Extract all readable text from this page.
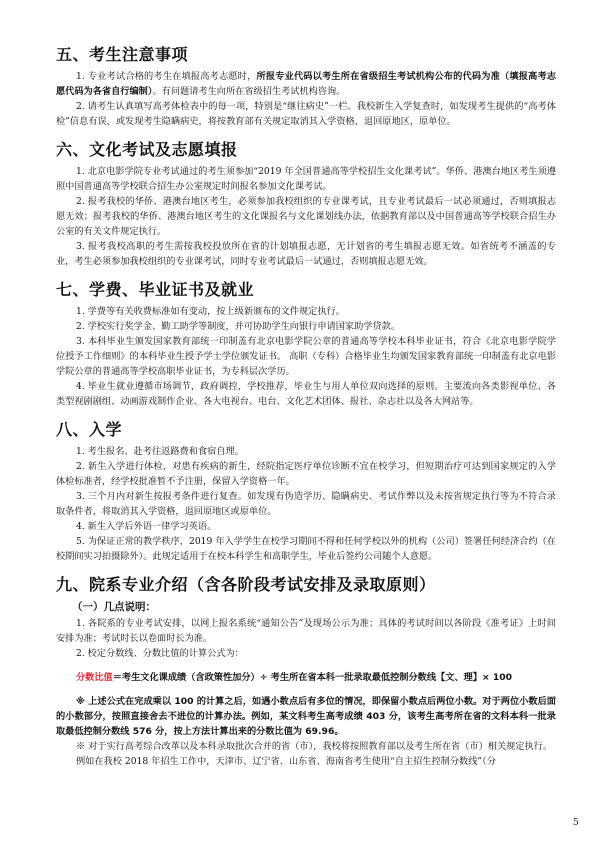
五、考生注意事项

1. 专业考试合格的考生在填报高考志愿时，所报专业代码以考生所在省级招生考试机构公布的代码为准（填报高考志愿代码为各省自行编制）。有问题请考生向所在省级招生考试机构咨询。

2. 请考生认真填写高考体检表中的每一项，特别是“继往病史”一栏。我校新生入学复查时，如发现考生提供的“高考体检”信息有误，或发现考生隐瞒病史，将按教育部有关规定取消其入学资格，退回原地区，原单位。

六、文化考试及志愿填报

1. 北京电影学院专业考试通过的考生须参加“2019 年全国普通高等学校招生文化课考试”。华侨、港澳台地区考生须遵照中国普通高等学校联合招生办公室规定时间报名参加文化课考试。

2. 报考我校的华侨、港澳台地区考生，必须参加我校组织的专业课考试，且专业考试最后一试必须通过，否则填报志愿无效；报考我校的华侨、港澳台地区考生的文化课报名与文化课划线办法，依据教育部以及中国普通高等学校联合招生办公室的有关文件规定执行。

3. 报考我校高职的考生需按我校投放所在省的计划填报志愿，无计划省的考生填报志愿无效。如省统考不涵盖的专业，考生必须参加我校组织的专业课考试，同时专业考试最后一试通过，否则填报志愿无效。

七、学费、毕业证书及就业

1. 学费等有关收费标准如有变动，按上级新颁布的文件规定执行。

2. 学校实行奖学金、勤工助学等制度，并可协助学生向银行申请国家助学贷款。

3. 本科毕业生颁发国家教育部统一印制盖有北京电影学院公章的普通高等学校本科毕业证书，符合《北京电影学院学位授予工作细则》的本科毕业生授予学士学位颁发证书。 高职（专科）合格毕业生均颁发国家教育部统一印制盖有北京电影学院公章的普通高等学校高职毕业证书，为专科层次学历。

4. 毕业生就业遵循市场调节，政府调控，学校推荐，毕业生与用人单位双向选择的原则。主要流向各类影视单位、各类型视剧剧组、动画游戏制作企业、各大电视台、电台、文化艺术团体、报社、杂志社以及各大网站等。

八、入学

1. 考生报名、赴考往返路费和食宿自理。

2. 新生入学进行体检，对患有疾病的新生，经院指定医疗单位诊断不宜在校学习，但短期治疗可达到国家规定的入学体检标准者，经学校批准暂不予注册，保留入学资格一年。

3. 三个月内对新生按报考条件进行复查。如发现有伪造学历、隐瞒病史、考试作弊以及未按省规定执行等为不符合录取条件者，将取消其入学资格，退回原地区或原单位。

4. 新生入学后外语一律学习英语。

5. 为保证正常的教学秩序，2019 年入学学生在校学习期间不得和任何学校以外的机构（公司）签署任何经济合约（在校期间实习拍摄除外）。此规定适用于在校本科学生和高职学生，毕业后签约公司随个人意愿。

九、院系专业介绍（含各阶段考试安排及录取原则）
（一）几点说明：

1. 各院系的专业考试安排，以网上报名系统“通知公告”及现场公示为准；具体的考试时间以各阶段《准考证》上时间安排为准；考试时长以卷面时长为准。

2. 校定分数线、分数比值的计算公式为：

分数比值＝考生文化课成绩（含政策性加分）÷ 考生所在省本科一批录取最低控制分数线【文、理】× 100

※ 上述公式在完成乘以 100 的计算之后，如遇小数点后有多位的情况，即保留小数点后两位小数。对于两位小数后面的小数部分，按照直接舍去不进位的计算办法。例如，某文科考生高考成绩 403 分，该考生高考所在省的文科本科一批录取最低控制分数线 576 分，按上方法计算出来的分数比值为 69.96。

※ 对于实行高考综合改革以及本科录取批次合并的省（市），我校将按照教育部以及考生所在省（市）相关规定执行。

例如在我校 2018 年招生工作中，天津市、辽宁省、山东省、海南省考生使用“自主招生控制分数线”（分

5
